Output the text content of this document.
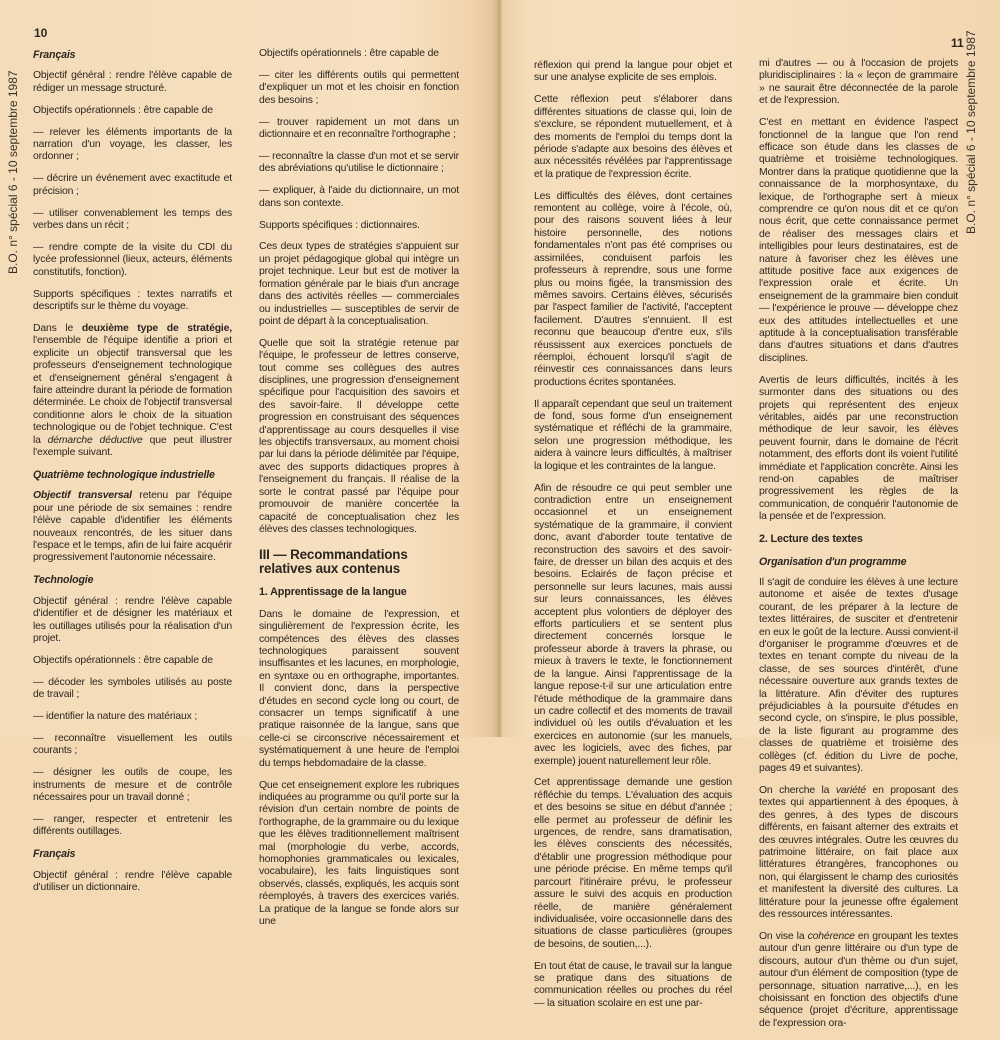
10
B.O. n° spécial 6 - 10 septembre 1987
Français

Objectif général : rendre l'élève capable de rédiger un message structuré.

Objectifs opérationnels : être capable de

— relever les éléments importants de la narration d'un voyage, les classer, les ordonner ;

— décrire un événement avec exactitude et précision ;

— utiliser convenablement les temps des verbes dans un récit ;

— rendre compte de la visite du CDI du lycée professionnel (lieux, acteurs, éléments constitutifs, fonction).

Supports spécifiques : textes narratifs et descriptifs sur le thème du voyage.

Dans le deuxième type de stratégie, l'ensemble de l'équipe identifie a priori et explicite un objectif transversal que les professeurs d'enseignement technologique et d'enseignement général s'engagent à faire atteindre durant la période de formation déterminée. Le choix de l'objectif transversal conditionne alors le choix de la situation technologique ou de l'objet technique. C'est la démarche déductive que peut illustrer l'exemple suivant.

Quatrième technologique industrielle

Objectif transversal retenu par l'équipe pour une période de six semaines : rendre l'élève capable d'identifier les éléments nouveaux rencontrés, de les situer dans l'espace et le temps, afin de lui faire acquérir progressivement l'autonomie nécessaire.

Technologie

Objectif général : rendre l'élève capable d'identifier et de désigner les matériaux et les outillages utilisés pour la réalisation d'un projet.

Objectifs opérationnels : être capable de

— décoder les symboles utilisés au poste de travail ;

— identifier la nature des matériaux ;

— reconnaître visuellement les outils courants ;

— désigner les outils de coupe, les instruments de mesure et de contrôle nécessaires pour un travail donné ;

— ranger, respecter et entretenir les différents outillages.

Français

Objectif général : rendre l'élève capable d'utiliser un dictionnaire.

Objectifs opérationnels : être capable de

— citer les différents outils qui permettent d'expliquer un mot et les choisir en fonction des besoins ;

— trouver rapidement un mot dans un dictionnaire et en reconnaître l'orthographe ;

— reconnaître la classe d'un mot et se servir des abréviations qu'utilise le dictionnaire ;

— expliquer, à l'aide du dictionnaire, un mot dans son contexte.

Supports spécifiques : dictionnaires.

Ces deux types de stratégies s'appuient sur un projet pédagogique global qui intègre un projet technique. Leur but est de motiver la formation générale par le biais d'un ancrage dans des activités réelles — commerciales ou industrielles — susceptibles de servir de point de départ à la conceptualisation.

Quelle que soit la stratégie retenue par l'équipe, le professeur de lettres conserve, tout comme ses collègues des autres disciplines, une progression d'enseignement spécifique pour l'acquisition des savoirs et des savoir-faire. Il développe cette progression en construisant des séquences d'apprentissage au cours desquelles il vise les objectifs transversaux, au moment choisi par lui dans la période délimitée par l'équipe, avec des supports didactiques propres à l'enseignement du français. Il réalise de la sorte le contrat passé par l'équipe pour promouvoir de manière concertée la capacité de conceptualisation chez les élèves des classes technologiques.

III — Recommandations relatives aux contenus
1. Apprentissage de la langue

Dans le domaine de l'expression, et singulièrement de l'expression écrite, les compétences des élèves des classes technologiques paraissent souvent insuffisantes et les lacunes, en morphologie, en syntaxe ou en orthographe, importantes. Il convient donc, dans la perspective d'études en second cycle long ou court, de consacrer un temps significatif à une pratique raisonnée de la langue, sans que celle-ci se circonscrive nécessairement et systématiquement à une heure de l'emploi du temps hebdomadaire de la classe.

Que cet enseignement explore les rubriques indiquées au programme ou qu'il porte sur la révision d'un certain nombre de points de l'orthographe, de la grammaire ou du lexique que les élèves traditionnellement maîtrisent mal (morphologie du verbe, accords, homophonies grammaticales ou lexicales, vocabulaire), les faits linguistiques sont observés, classés, expliqués, les acquis sont réemployés, à travers des exercices variés. La pratique de la langue se fonde alors sur une

11 B.O. n° spécial 6 - 10 septembre 1987

réflexion qui prend la langue pour objet et sur une analyse explicite de ses emplois.

Cette réflexion peut s'élaborer dans différentes situations de classe qui, loin de s'exclure, se répondent mutuellement, et à des moments de l'emploi du temps dont la période s'adapte aux besoins des élèves et aux nécessités révélées par l'apprentissage et la pratique de l'expression écrite.

Les difficultés des élèves, dont certaines remontent au collège, voire à l'école, où, pour des raisons souvent liées à leur histoire personnelle, des notions fondamentales n'ont pas été comprises ou assimilées, conduisent parfois les professeurs à reprendre, sous une forme plus ou moins figée, la transmission des mêmes savoirs. Certains élèves, sécurisés par l'aspect familier de l'activité, l'acceptent facilement. D'autres s'ennuient. Il est reconnu que beaucoup d'entre eux, s'ils réussissent aux exercices ponctuels de réemploi, échouent lorsqu'il s'agit de réinvestir ces connaissances dans leurs productions écrites spontanées.

Il apparaît cependant que seul un traitement de fond, sous forme d'un enseignement systématique et réfléchi de la grammaire, selon une progression méthodique, les aidera à vaincre leurs difficultés, à maîtriser la logique et les contraintes de la langue.

Afin de résoudre ce qui peut sembler une contradiction entre un enseignement occasionnel et un enseignement systématique de la grammaire, il convient donc, avant d'aborder toute tentative de reconstruction des savoirs et des savoir-faire, de dresser un bilan des acquis et des besoins. Eclairés de façon précise et personnelle sur leurs lacunes, mais aussi sur leurs connaissances, les élèves acceptent plus volontiers de déployer des efforts particuliers et se sentent plus directement concernés lorsque le professeur aborde à travers la phrase, ou mieux à travers le texte, le fonctionnement de la langue. Ainsi l'apprentissage de la langue repose-t-il sur une articulation entre l'étude méthodique de la grammaire dans un cadre collectif et des moments de travail individuel où les outils d'évaluation et les exercices en autonomie (sur les manuels, avec les logiciels, avec des fiches, par exemple) jouent naturellement leur rôle.

Cet apprentissage demande une gestion réfléchie du temps. L'évaluation des acquis et des besoins se situe en début d'année ; elle permet au professeur de définir les urgences, de rendre, sans dramatisation, les élèves conscients des nécessités, d'établir une progression méthodique pour une période précise. En même temps qu'il parcourt l'itinéraire prévu, le professeur assure le suivi des acquis en production réelle, de manière généralement individualisée, voire occasionnelle dans des situations de classe particulières (groupes de besoins, de soutien,...).

En tout état de cause, le travail sur la langue se pratique dans des situations de communication réelles ou proches du réel — la situation scolaire en est une par-

mi d'autres — ou à l'occasion de projets pluridisciplinaires : la « leçon de grammaire » ne saurait être déconnectée de la parole et de l'expression.

C'est en mettant en évidence l'aspect fonctionnel de la langue que l'on rend efficace son étude dans les classes de quatrième et troisième technologiques. Montrer dans la pratique quotidienne que la connaissance de la morphosyntaxe, du lexique, de l'orthographe sert à mieux comprendre ce qu'on nous dit et ce qu'on nous écrit, que cette connaissance permet de réaliser des messages clairs et intelligibles pour leurs destinataires, est de nature à favoriser chez les élèves une attitude positive face aux exigences de l'expression orale et écrite. Un enseignement de la grammaire bien conduit — l'expérience le prouve — développe chez eux des attitudes intellectuelles et une aptitude à la conceptualisation transférable dans d'autres situations et dans d'autres disciplines.

Avertis de leurs difficultés, incités à les surmonter dans des situations ou des projets qui représentent des enjeux véritables, aidés par une reconstruction méthodique de leur savoir, les élèves peuvent fournir, dans le domaine de l'écrit notamment, des efforts dont ils voient l'utilité immédiate et l'application concrète. Ainsi les rend-on capables de maîtriser progressivement les règles de la communication, de conquérir l'autonomie de la pensée et de l'expression.

2. Lecture des textes
Organisation d'un programme

Il s'agit de conduire les élèves à une lecture autonome et aisée de textes d'usage courant, de les préparer à la lecture de textes littéraires, de susciter et d'entretenir en eux le goût de la lecture. Aussi convient-il d'organiser le programme d'œuvres et de textes en tenant compte du niveau de la classe, de ses sources d'intérêt, d'une nécessaire ouverture aux grands textes de la littérature. Afin d'éviter des ruptures préjudiciables à la poursuite d'études en second cycle, on s'inspire, le plus possible, de la liste figurant au programme des classes de quatrième et troisième des collèges (cf. édition du Livre de poche, pages 49 et suivantes).

On cherche la variété en proposant des textes qui appartiennent à des époques, à des genres, à des types de discours différents, en faisant alterner des extraits et des œuvres intégrales. Outre les œuvres du patrimoine littéraire, on fait place aux littératures étrangères, francophones ou non, qui élargissent le champ des curiosités et manifestent la diversité des cultures. La littérature pour la jeunesse offre également des ressources intéressantes.

On vise la cohérence en groupant les textes autour d'un genre littéraire ou d'un type de discours, autour d'un thème ou d'un sujet, autour d'un élément de composition (type de personnage, situation narrative,...), en les choisissant en fonction des objectifs d'une séquence (projet d'écriture, apprentissage de l'expression ora-
